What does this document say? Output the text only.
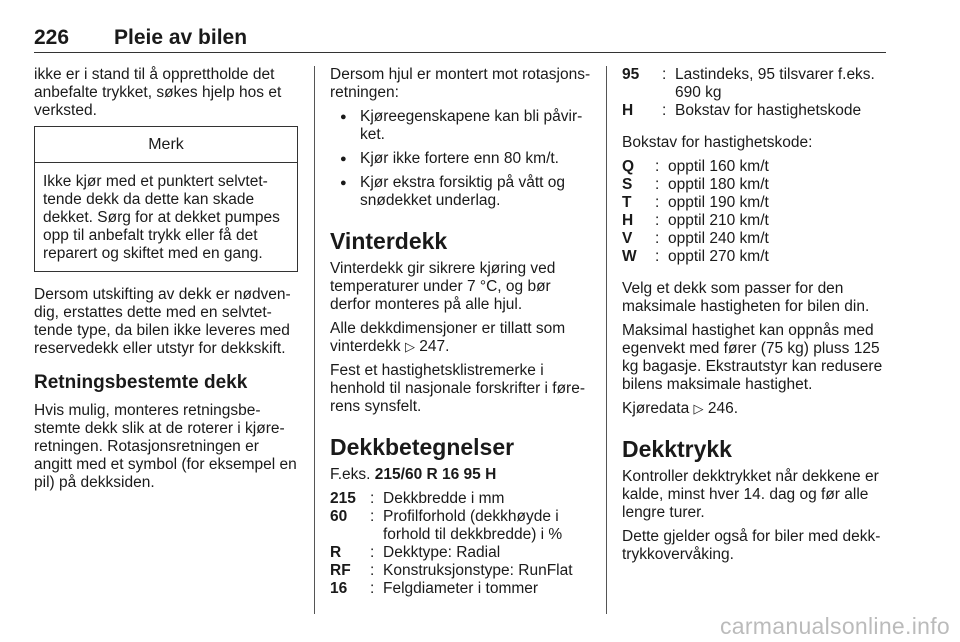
226 Pleie av bilen

ikke er i stand til å opprettholde det anbefalte trykket, søkes hjelp hos et verksted.

Merk
Ikke kjør med et punktert selvtet-tende dekk da dette kan skade dekket. Sørg for at dekket pumpes opp til anbefalt trykk eller få det reparert og skiftet med en gang.

Dersom utskifting av dekk er nødven-dig, erstattes dette med en selvtet-tende type, da bilen ikke leveres med reservedekk eller utstyr for dekkskift.

Retningsbestemte dekk

Hvis mulig, monteres retningsbe-stemte dekk slik at de roterer i kjøre-retningen. Rotasjonsretningen er angitt med et symbol (for eksempel en pil) på dekksiden.

Dersom hjul er montert mot rotasjons-retningen:

● Kjøreegenskapene kan bli påvir-ket.
● Kjør ikke fortere enn 80 km/t.
● Kjør ekstra forsiktig på vått og snødekket underlag.
Vinterdekk

Vinterdekk gir sikrere kjøring ved temperaturer under 7 °C, og bør derfor monteres på alle hjul.

Alle dekkdimensjoner er tillatt som vinterdekk ▷ 247.

Fest et hastighetsklistremerke i henhold til nasjonale forskrifter i føre-rens synsfelt.

Dekkbetegnelser

F.eks. 215/60 R 16 95 H

215 : Dekkbredde i mm
60	: Profilforhold (dekkhøyde i forhold til dekkbredde) i %
R	: Dekktype: Radial
RF	: Konstruksjonstype: RunFlat
16	: Felgdiameter i tommer
95	: Lastindeks, 95 tilsvarer f.eks. 690 kg
H	: Bokstav for hastighetskode

Bokstav for hastighetskode:

Q	: opptil 160 km/t
S	: opptil 180 km/t
T	: opptil 190 km/t
H	: opptil 210 km/t
V	: opptil 240 km/t
W	: opptil 270 km/t

Velg et dekk som passer for den maksimale hastigheten for bilen din.

Maksimal hastighet kan oppnås med egenvekt med fører (75 kg) pluss 125 kg bagasje. Ekstrautstyr kan redusere bilens maksimale hastighet.

Kjøredata ▷ 246.

Dekktrykk

Kontroller dekktrykket når dekkene er kalde, minst hver 14. dag og før alle lengre turer.

Dette gjelder også for biler med dekk-trykkovervåking.

carmanualsonline.info
